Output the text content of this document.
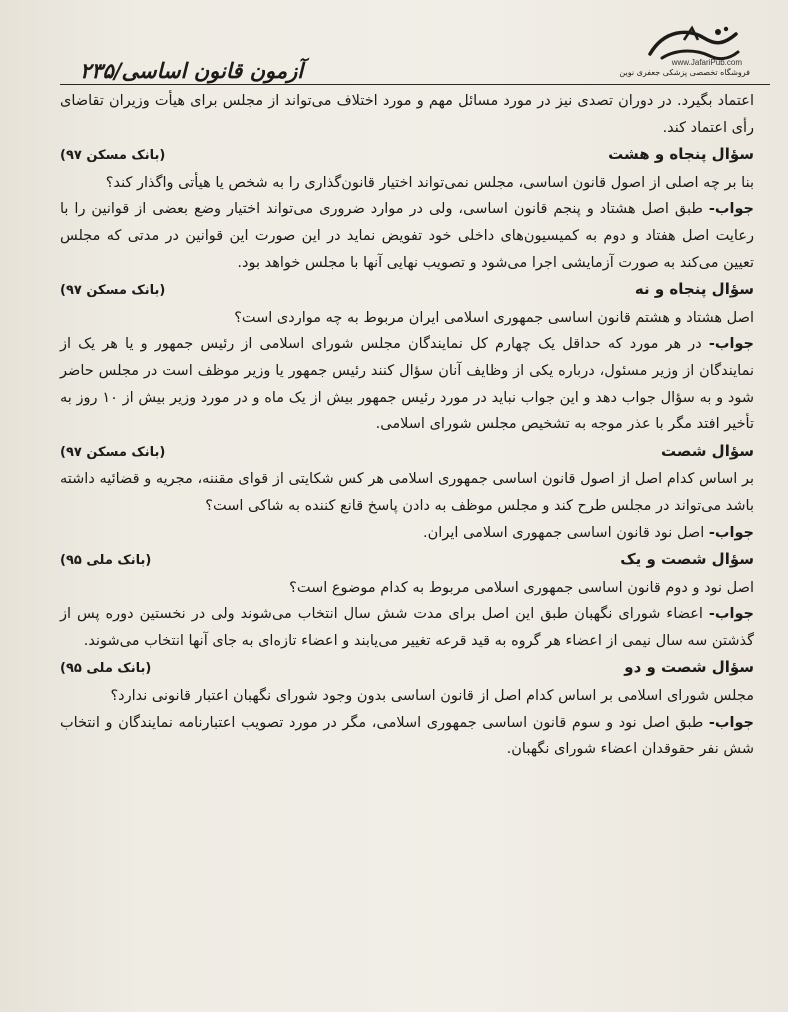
آزمون قانون اساسی/۲۳۵	www.JafariPub.com
فروشگاه تخصصی پزشکی جعفری نوین

اعتماد بگیرد. در دوران تصدی نیز در مورد مسائل مهم و مورد اختلاف می‌تواند از مجلس برای هیأت وزیران تقاضای رأی اعتماد کند.

سؤال پنجاه و هشت
(بانک مسکن ۹۷)

بنا بر چه اصلی از اصول قانون اساسی، مجلس نمی‌تواند اختیار قانون‌گذاری را به شخص یا هیأتی واگذار کند؟

جواب- طبق اصل هشتاد و پنجم قانون اساسی، ولی در موارد ضروری می‌تواند اختیار وضع بعضی از قوانین را با رعایت اصل هفتاد و دوم به کمیسیون‌های داخلی خود تفویض نماید در این صورت این قوانین در مدتی که مجلس تعیین می‌کند به صورت آزمایشی اجرا می‌شود و تصویب نهایی آنها با مجلس خواهد بود.

سؤال پنجاه و نه
(بانک مسکن ۹۷)

اصل هشتاد و هشتم قانون اساسی جمهوری اسلامی ایران مربوط به چه مواردی است؟

جواب- در هر مورد که حداقل یک چهارم کل نمایندگان مجلس شورای اسلامی از رئیس جمهور و یا هر یک از نمایندگان از وزیر مسئول، درباره یکی از وظایف آنان سؤال کنند رئیس جمهور یا وزیر موظف است در مجلس حاضر شود و به سؤال جواب دهد و این جواب نباید در مورد رئیس جمهور بیش از یک ماه و در مورد وزیر بیش از ۱۰ روز به تأخیر افتد مگر با عذر موجه به تشخیص مجلس شورای اسلامی.

سؤال شصت
(بانک مسکن ۹۷)

بر اساس کدام اصل از اصول قانون اساسی جمهوری اسلامی هر کس شکایتی از قوای مقننه، مجریه و قضائیه داشته باشد می‌تواند در مجلس طرح کند و مجلس موظف به دادن پاسخ قانع کننده به شاکی است؟

جواب- اصل نود قانون اساسی جمهوری اسلامی ایران.

سؤال شصت و یک
(بانک ملی ۹۵)

اصل نود و دوم قانون اساسی جمهوری اسلامی مربوط به کدام موضوع است؟

جواب- اعضاء شورای نگهبان طبق این اصل برای مدت شش سال انتخاب می‌شوند ولی در نخستین دوره پس از گذشتن سه سال نیمی از اعضاء هر گروه به قید قرعه تغییر می‌یابند و اعضاء تازه‌ای به جای آنها انتخاب می‌شوند.

سؤال شصت و دو
(بانک ملی ۹۵)

مجلس شورای اسلامی بر اساس کدام اصل از قانون اساسی بدون وجود شورای نگهبان اعتبار قانونی ندارد؟

جواب- طبق اصل نود و سوم قانون اساسی جمهوری اسلامی، مگر در مورد تصویب اعتبارنامه نمایندگان و انتخاب شش نفر حقوقدان اعضاء شورای نگهبان.
